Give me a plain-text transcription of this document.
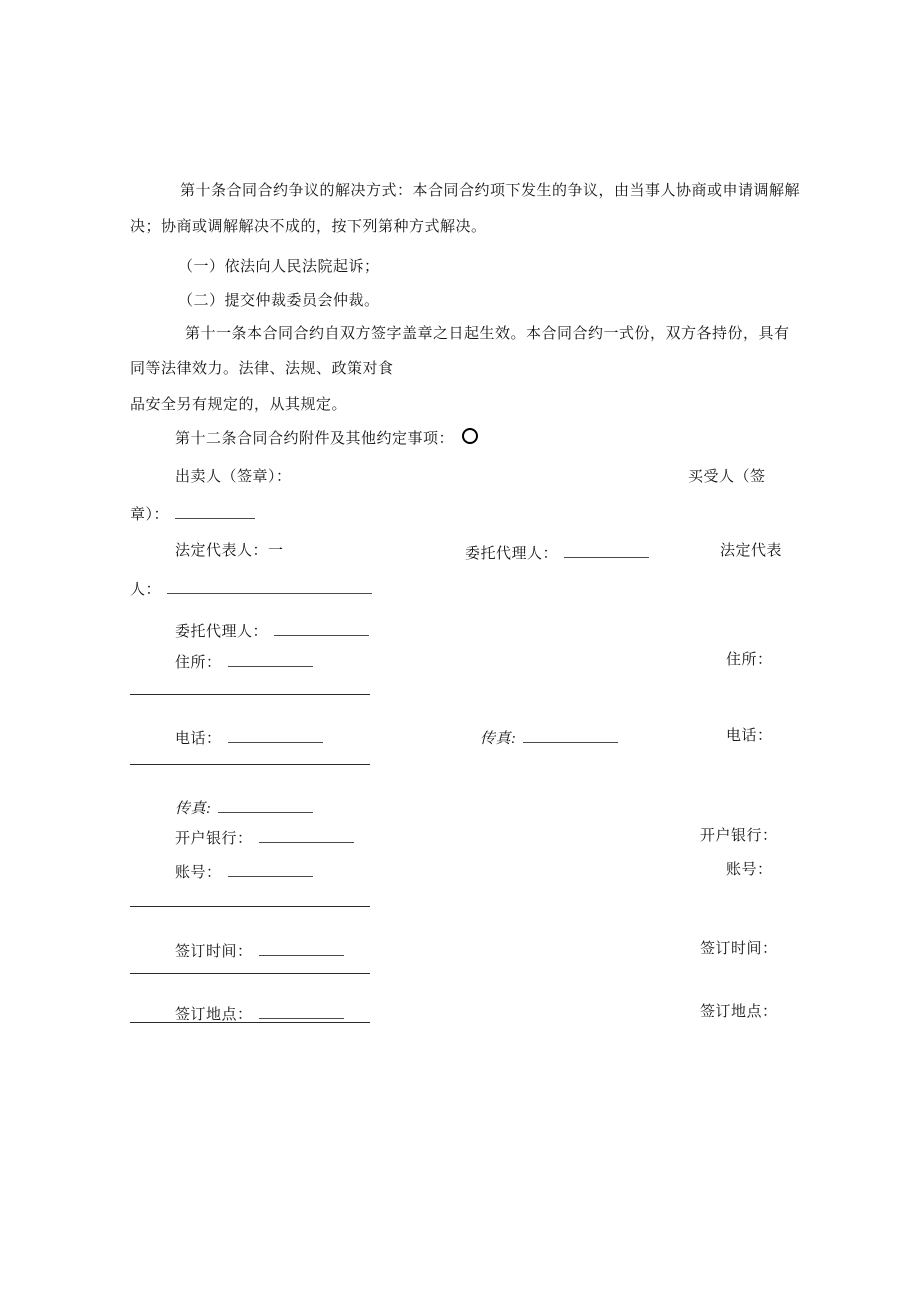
第十条合同合约争议的解决方式：本合同合约项下发生的争议，由当事人协商或申请调解解
决；协商或调解解决不成的，按下列第种方式解决。
（一）依法向人民法院起诉；
（二）提交仲裁委员会仲裁。
第十一条本合同合约自双方签字盖章之日起生效。本合同合约一式份，双方各持份，具有
同等法律效力。法律、法规、政策对食
品安全另有规定的，从其规定。
第十二条合同合约附件及其他约定事项：
出卖人（签章）：	买受人（签
章）：
法定代表人：一	委托代理人：	法定代表
人：
委托代理人：
住所：	住所：
电话：	传真:	电话：
传真:
开户银行：	开户银行：
账号：	账号：
签订时间：	签订时间：
签订地点：	签订地点：
